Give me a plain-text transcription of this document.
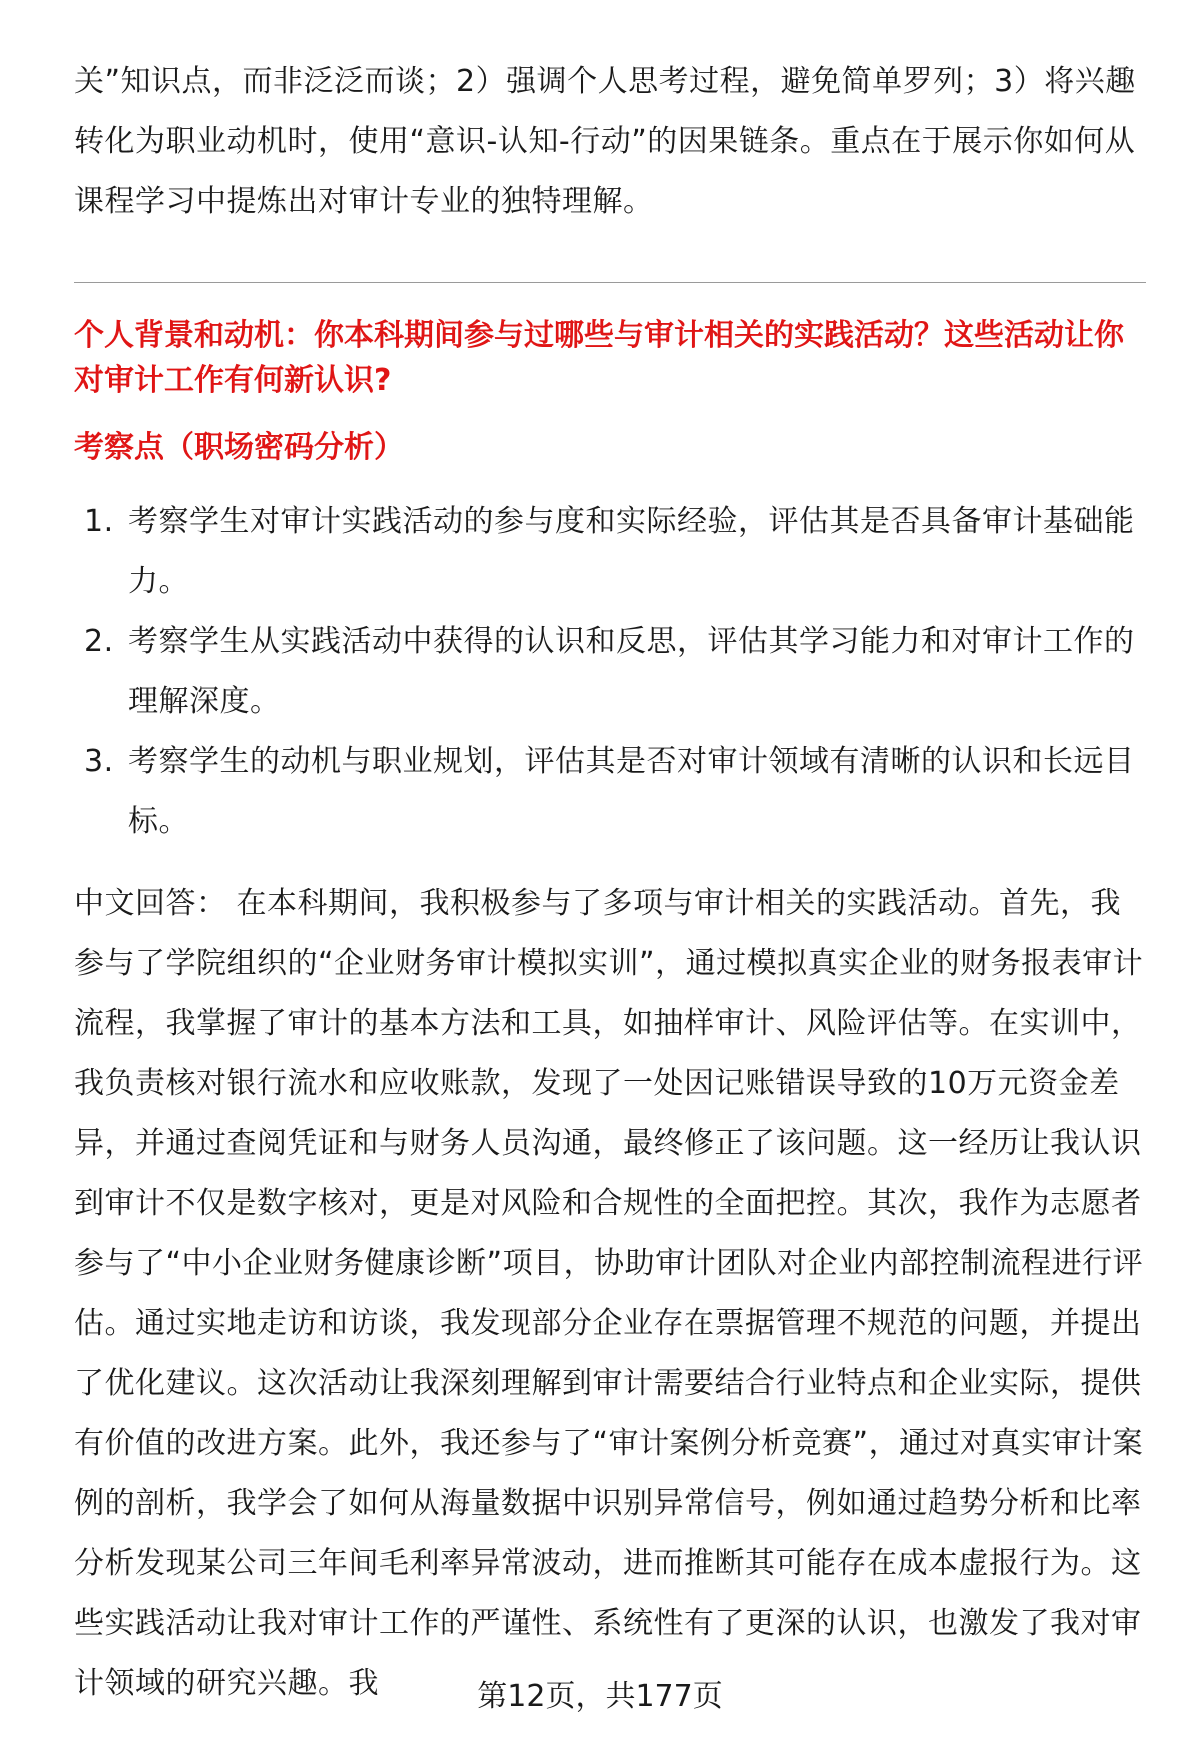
关”知识点，而非泛泛而谈；2）强调个人思考过程，避免简单罗列；3）将兴趣转化为职业动机时，使用“意识-认知-行动”的因果链条。重点在于展示你如何从课程学习中提炼出对审计专业的独特理解。

个人背景和动机：你本科期间参与过哪些与审计相关的实践活动？这些活动让你对审计工作有何新认识?

考察点（职场密码分析）

1. 考察学生对审计实践活动的参与度和实际经验，评估其是否具备审计基础能力。
2. 考察学生从实践活动中获得的认识和反思，评估其学习能力和对审计工作的理解深度。
3. 考察学生的动机与职业规划，评估其是否对审计领域有清晰的认识和长远目标。

中文回答： 在本科期间，我积极参与了多项与审计相关的实践活动。首先，我参与了学院组织的“企业财务审计模拟实训”，通过模拟真实企业的财务报表审计流程，我掌握了审计的基本方法和工具，如抽样审计、风险评估等。在实训中，我负责核对银行流水和应收账款，发现了一处因记账错误导致的10万元资金差异，并通过查阅凭证和与财务人员沟通，最终修正了该问题。这一经历让我认识到审计不仅是数字核对，更是对风险和合规性的全面把控。其次，我作为志愿者参与了“中小企业财务健康诊断”项目，协助审计团队对企业内部控制流程进行评估。通过实地走访和访谈，我发现部分企业存在票据管理不规范的问题，并提出了优化建议。这次活动让我深刻理解到审计需要结合行业特点和企业实际，提供有价值的改进方案。此外，我还参与了“审计案例分析竞赛”，通过对真实审计案例的剖析，我学会了如何从海量数据中识别异常信号，例如通过趋势分析和比率分析发现某公司三年间毛利率异常波动，进而推断其可能存在成本虚报行为。这些实践活动让我对审计工作的严谨性、系统性有了更深的认识，也激发了我对审计领域的研究兴趣。我	第12页，共177页
